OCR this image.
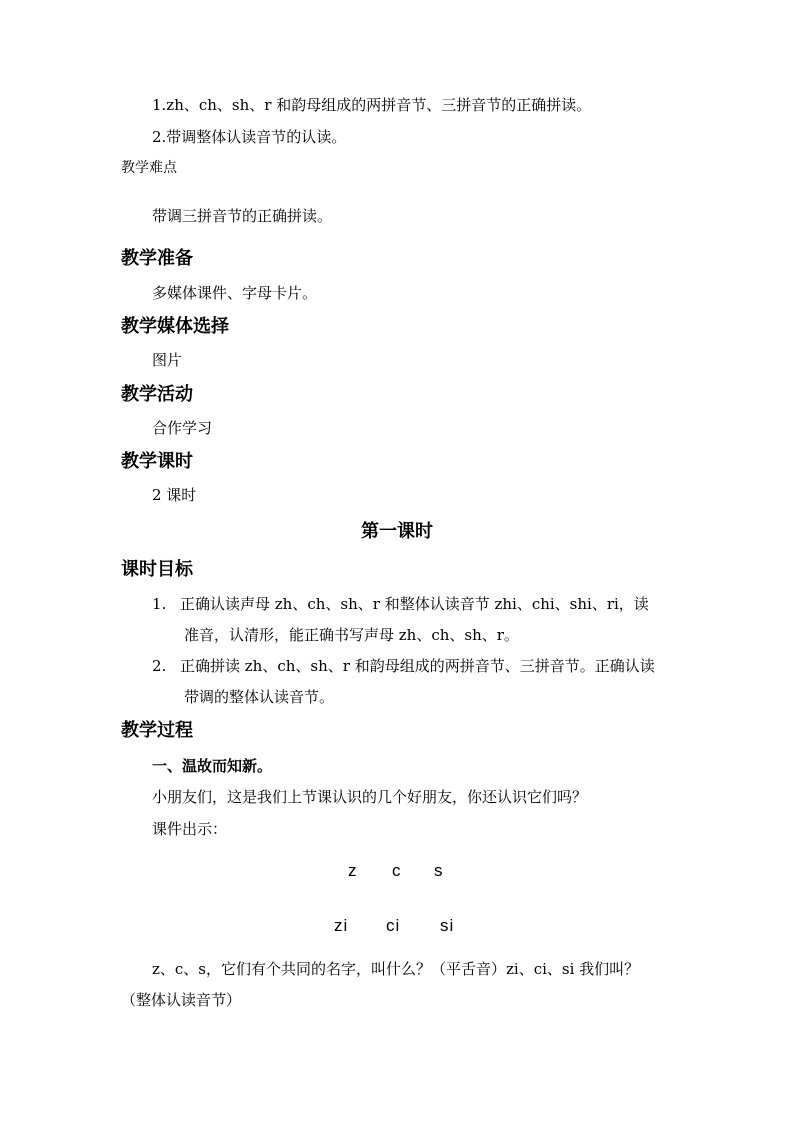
1.zh、ch、sh、r 和韵母组成的两拼音节、三拼音节的正确拼读。
2.带调整体认读音节的认读。
教学难点
带调三拼音节的正确拼读。
教学准备
多媒体课件、字母卡片。
教学媒体选择
图片
教学活动
合作学习
教学课时
2 课时
第一课时
课时目标
1. 正确认读声母 zh、ch、sh、r 和整体认读音节 zhi、chi、shi、ri，读
准音，认清形，能正确书写声母 zh、ch、sh、r。
2. 正确拼读 zh、ch、sh、r 和韵母组成的两拼音节、三拼音节。正确认读
带调的整体认读音节。
教学过程
一、温故而知新。
小朋友们，这是我们上节课认识的几个好朋友，你还认识它们吗？
课件出示：
z c s
zi ci si
z、c、s，它们有个共同的名字，叫什么？（平舌音）zi、ci、si 我们叫？
（整体认读音节）
